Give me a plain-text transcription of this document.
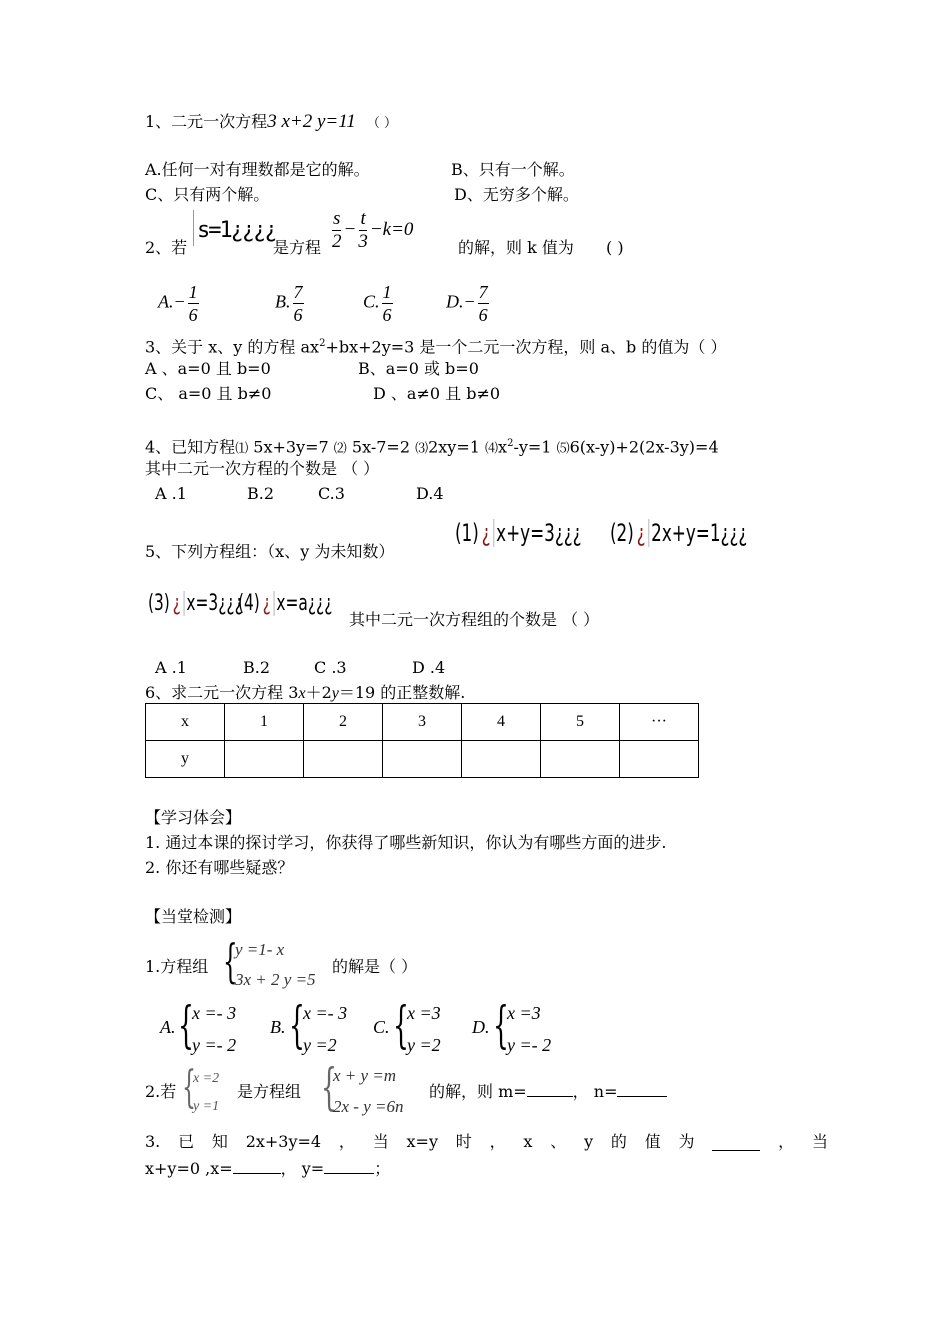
1、二元一次方程3 x+2 y=11 （ ）
A.任何一对有理数都是它的解。	B、只有一个解。
C、只有两个解。	D、无穷多个解。
2、若
s=1¿¿¿¿
是方程 $\frac{s}{2} - \frac{t}{3} -k=0$
的解，则 k 值为 ( )
$A.- \frac{1}{6}$	B. $\frac{7}{6}$	C. $\frac{1}{6}$	$D.- \frac{7}{6}$
3、关于 x、y 的方程 $ax^2+bx+2y=3$ 是一个二元一次方程，则 a、b 的值为（ ）
A 、a=0 且 b=0	B、a=0 或 b=0
C、 a=0 且 b≠0	D 、a≠0 且 b≠0
4、已知方程⑴ 5x+3y=7 ⑵ 5x-7=2 ⑶2xy=1 $⑷x^2-y=1$ ⑸6(x-y)+2(2x-3y)=4
其中二元一次方程的个数是 （ ）
A .1	B.2	C.3	D.4
5、下列方程组：（x、y 为未知数）
(1) ¿ x+y=3¿¿¿ (2) ¿ 2x+y=1¿¿¿
(3) ¿ x=3¿¿¿
(4) ¿ x=a¿¿¿
其中二元一次方程组的个数是 （ ）
A .1	B.2	C .3	D .4
6、求二元一次方程 3x＋2y＝19 的正整数解.
x	1	2	3	4	5	···
y						
【学习体会】
1. 通过本课的探讨学习，你获得了哪些新知识，你认为有哪些方面的进步.
2. 你还有哪些疑惑？
【当堂检测】
1.方程组 {
y =1- x
3x + 2 y =5
的解是（ ）
A. {
x =- 3
y =- 2
B. {
x =- 3
y =2
C. {
x =3
y =2
D. {
x =3
y =- 2
2.若 {
x =2
y =1
是方程组 {
x + y =m
2x - y =6n
的解，则 m=	， n=
3. 已 知 2x+3y=4 ， 当 x=y 时 ， x 、 y 的 值 为	， 当
x+y=0 ,x=	， y=	；
